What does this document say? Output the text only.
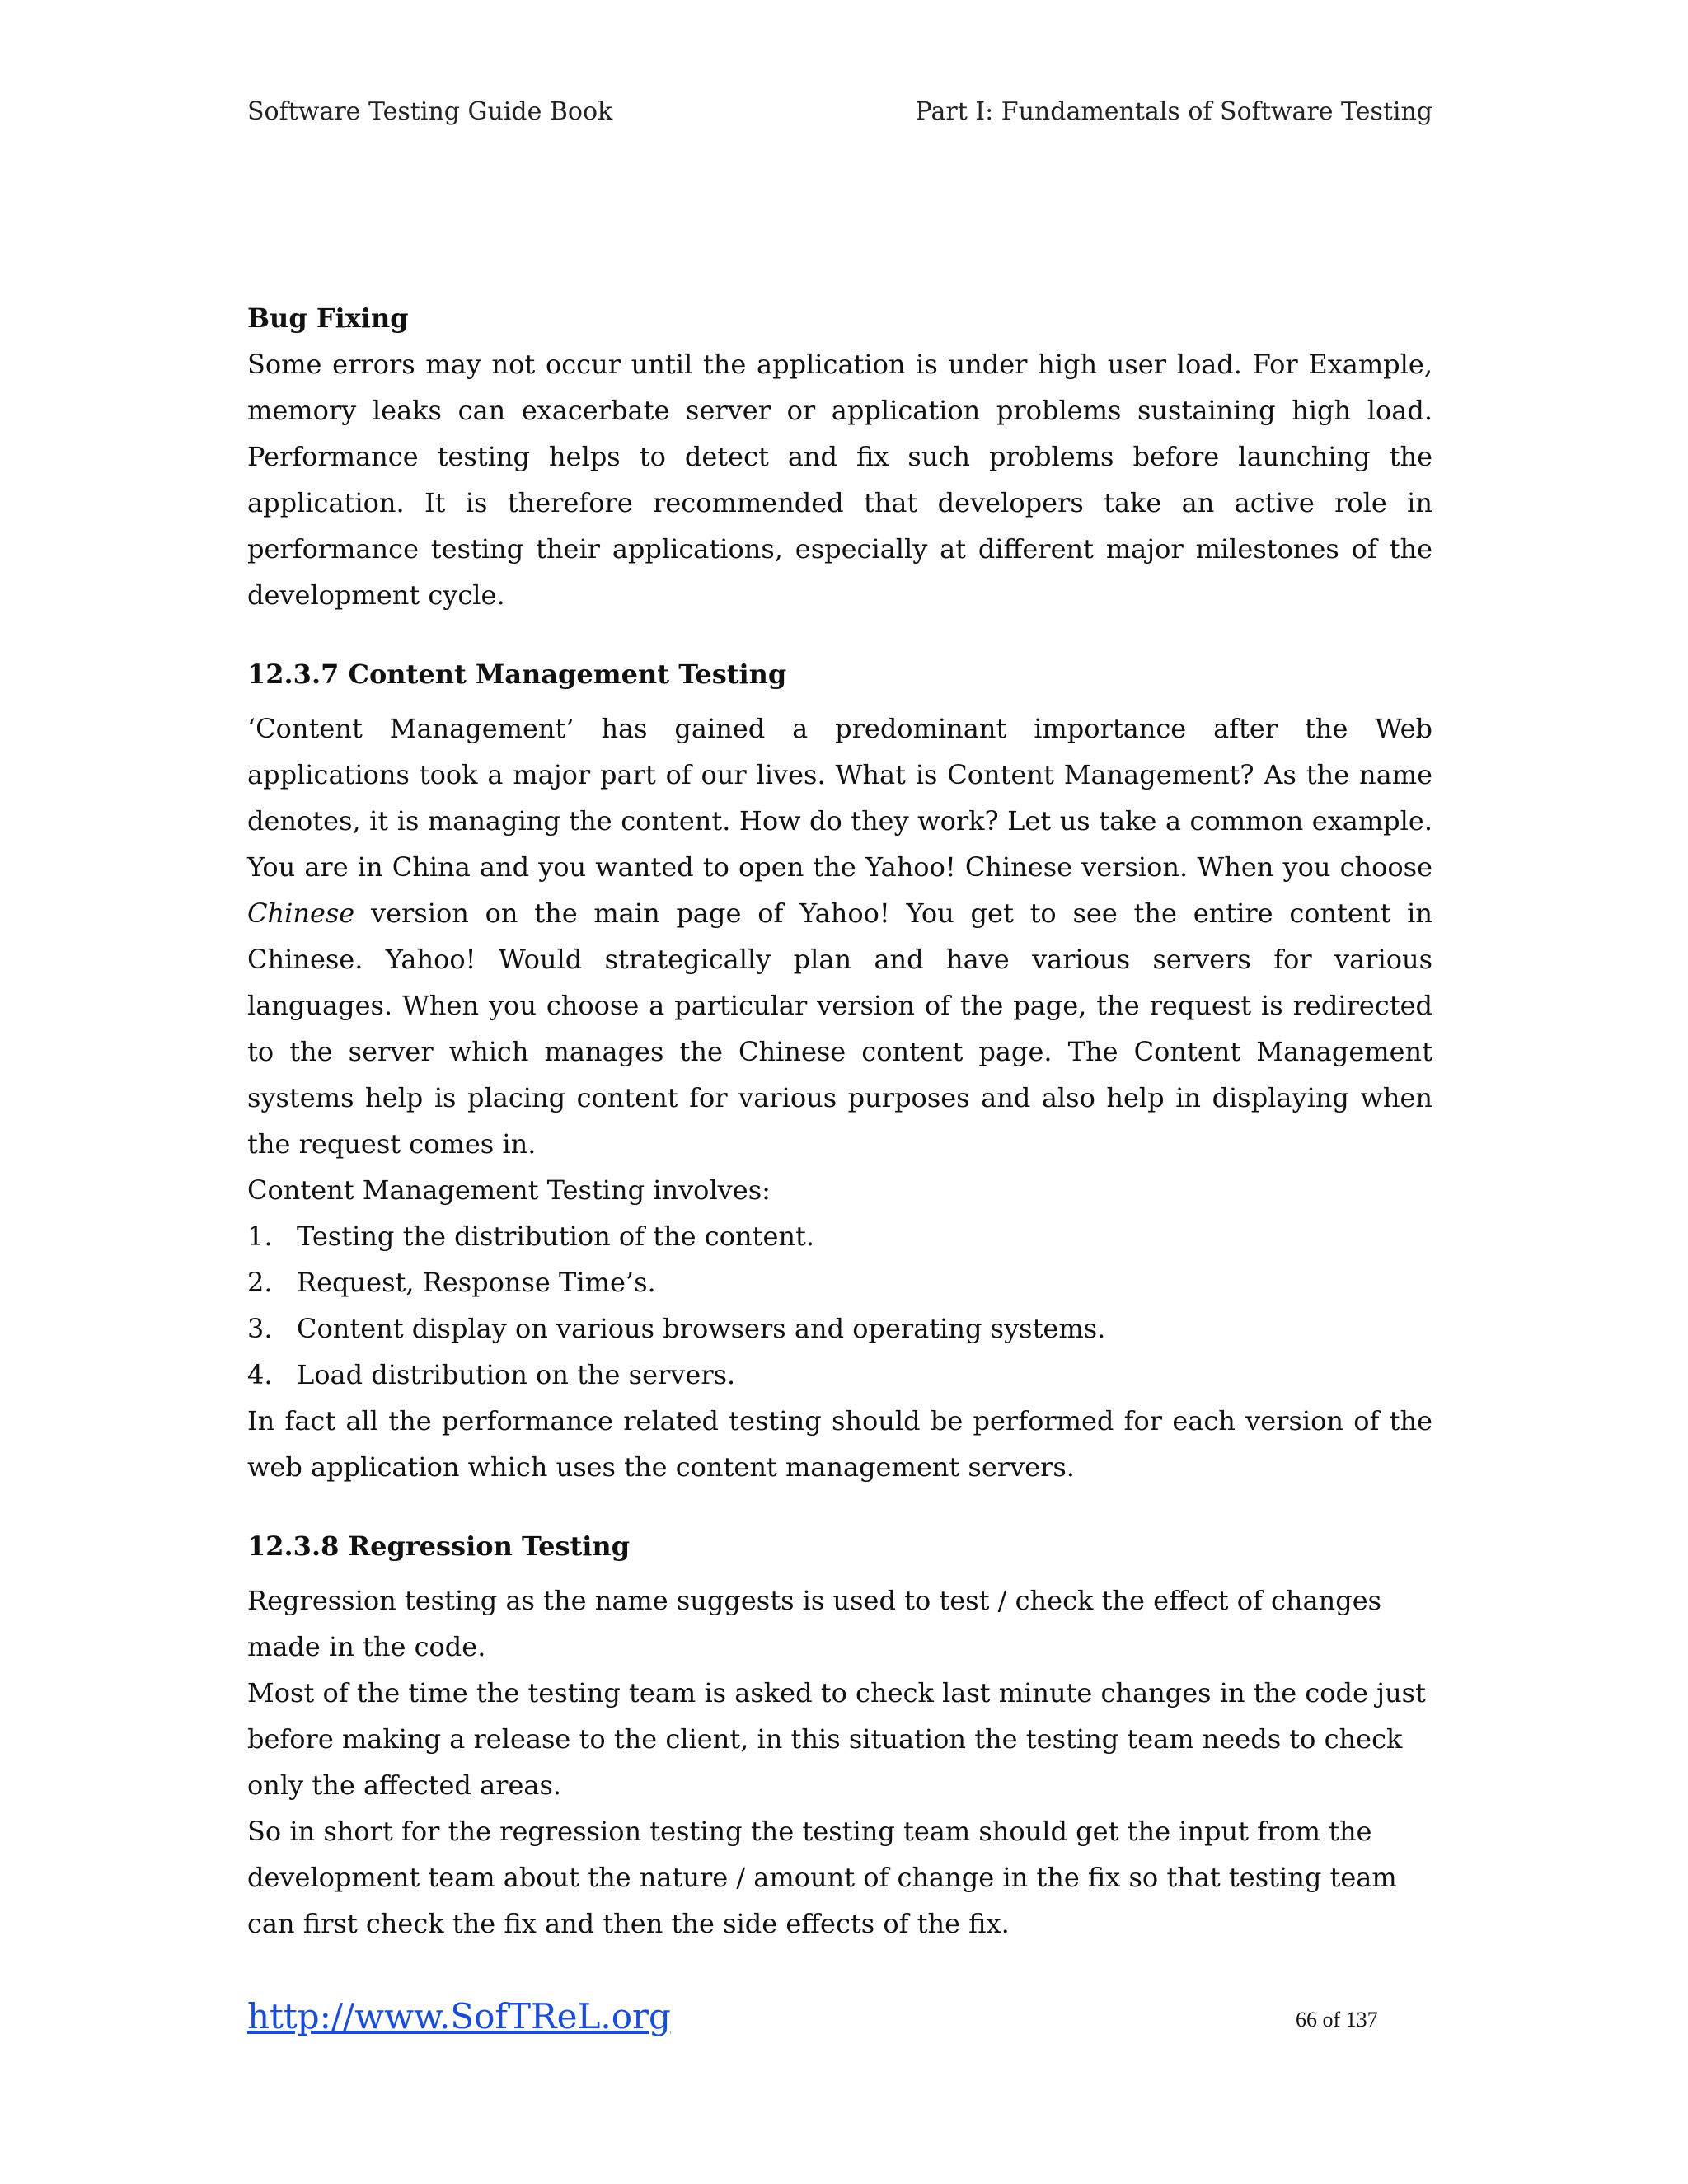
Software Testing Guide Book	Part I: Fundamentals of Software Testing

Bug Fixing

Some errors may not occur until the application is under high user load. For Example, memory leaks can exacerbate server or application problems sustaining high load. Performance testing helps to detect and fix such problems before launching the application. It is therefore recommended that developers take an active role in performance testing their applications, especially at different major milestones of the development cycle.

12.3.7 Content Management Testing

‘Content Management’ has gained a predominant importance after the Web applications took a major part of our lives. What is Content Management? As the name denotes, it is managing the content. How do they work? Let us take a common example. You are in China and you wanted to open the Yahoo! Chinese version. When you choose Chinese version on the main page of Yahoo! You get to see the entire content in Chinese. Yahoo! Would strategically plan and have various servers for various languages. When you choose a particular version of the page, the request is redirected to the server which manages the Chinese content page. The Content Management systems help is placing content for various purposes and also help in displaying when the request comes in.

Content Management Testing involves:

1. Testing the distribution of the content.
2. Request, Response Time’s.
3. Content display on various browsers and operating systems.
4. Load distribution on the servers.

In fact all the performance related testing should be performed for each version of the web application which uses the content management servers.

12.3.8 Regression Testing

Regression testing as the name suggests is used to test / check the effect of changes made in the code.

Most of the time the testing team is asked to check last minute changes in the code just before making a release to the client, in this situation the testing team needs to check only the affected areas.

So in short for the regression testing the testing team should get the input from the development team about the nature / amount of change in the fix so that testing team can first check the fix and then the side effects of the fix.

http://www.SofTReL.org	66 of 137
